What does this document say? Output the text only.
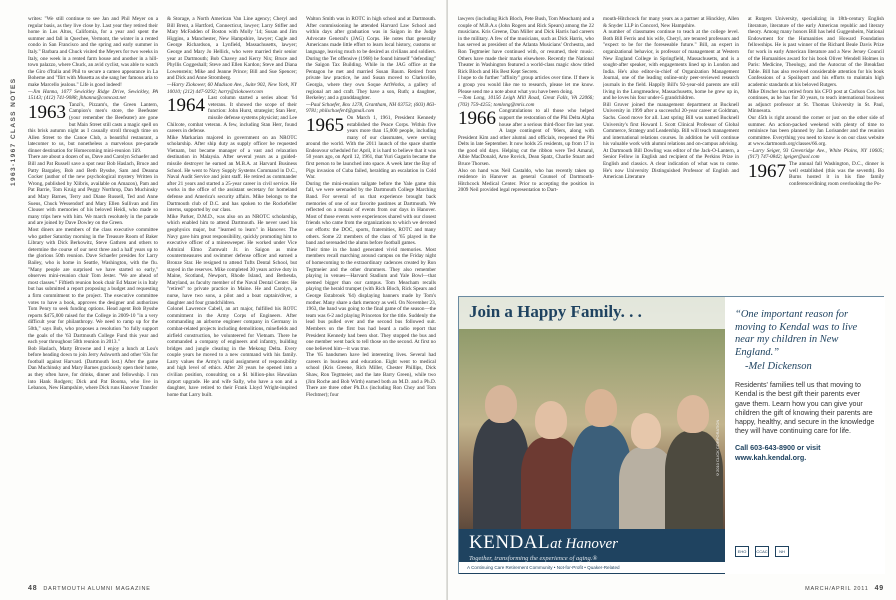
1963-1967 CLASS NOTES

writes: "We still continue to see Jan and Phil Meyer on a regular basis, as they live close by. Last year they retired their home in Los Altos, California, for a year and spent the summer and fall in Quechee, Vermont, the winter in a rented condo in San Francisco and the spring and early summer in Italy." Barbara and Chuck visited the Meyers for two weeks in Italy, one week in a rented farm house and another in a hill-town palazzo, where Chuck, an avid cyclist, was able to watch the Giro d'Italia and Phil to secure a cameo appearance in La Boheme and "flirt with Musetta as she sang her famous aria to make Marcello jealous." Life is good indeed!

—Jim Hanna, 1077 Sewickley Ridge Drive, Sewickley, PA 15143; (412) 741-9088; jhhanna@comcast.net

1963 Tanzi's, Pizzam's, the Green Lantern, Campion's men's store, the Beefeater (your remember the Beefeater) are gone but Main Street still casts a magic spell on this brisk autumn night as I casually stroll through time on Allen Street to the Canoe Club, a beautiful restaurant, a latecomer to us, but nonetheless a marvelous pre-parade dinner destination for Homecoming mini-reunion 1ii9.

There are about a dozen of us, Dave and Carolyn Schaefer and Bill and Pat Russell save a spot near Bob Haslach, Bruce and Patty Bargaley, Bob and Beth Bysshe, Sam and Deanna Cocker (author of the new psychological mystery Written in Wrong, published by Xlibris, available on Amazon), Pam and Pat Barrie, Tom Kruig and Peggy Northrop, Dan Muchinsky and Mary Barnes, Terry and Diane Russell, Ted and Anne Sueus, Chuck Wessendorf and Mary Ellen Sullivan and Jim Clouser with memories of his beloved Heidi, who made so many trips here with him. We march resolutely in the parade and are joined by Dave Dowley on the Green.

Most diners are members of the class executive committee who gather Saturday morning in the Treasure Room of Baker Library with Dick Berkowitz, Steve Gathren and others to determine the course of our next three and a half years up to the glorious 50th reunion. Dave Schaefer presides for Larry Bailey, who is home in Seattle, Washington, with the flu. "Many people are surprised we have started so early," observes mini-reunion chair Tom Jester. "We are ahead of most classes." Fiftieth reunion book chair Ed Mazer is in Italy but has submitted a report proposing a budget and requesting a firm commitment to the project. The executive committee votes to have a book, approves the designer and authorizes Tom Penry to seek funding options. Head agent Bob Bysshe reports $475,000 raised for the College in 2009-10 "in a very difficult year for philanthropy. We need to ramp up for the 50th," says Bob, who proposes a resolution "to fully support the goals of the '63 Dartmouth College Fund this year and each year throughout 50th reunion in 2013."

Bob Haslach, Marty Browne and I enjoy a lunch at Lou's before heading down to join Jerry Ashworth and other '63s for football against Harvard. (Dartmouth lost.) After the game Dan Muchinsky and Mary Barnes graciously open their home, as they often have, for drinks, dinner and fellowship. I run into Hank Rodgers; Dick and Pat Booma, who live in Lebanon, New Hampshire, where Dick runs Hanover Transfer

& Storage, a North American Van Line agency; Cheryl and Bill Brent, a Hartford, Connecticut, lawyer; Larry Stifler and Mary McFadden of Boston with Molly '14; Susan and Jim Higgins, a Manchester, New Hampshire, lawyer; Cagle and George Richardson, a Lynfield, Massachusetts, lawyer; George and Mary Jo Hellick, who were married their senior year at Dartmouth; Bob Chavey and Kerry Nix; Bruce and Phyllis Coggeshall; Steve and Ellen Kardon; Steve and Diana Lowenstein; Mike and Jeanne Prince; Bill and Sue Spencer; and Dick and Anne Stromberg.

—Harry Ziokower, 60 Madison Ave., Suite 902, New York, NY 10010; (212) 447-9292; harry@ziokower.com

1964 Last column started a series about '64 veterans. It showed the scope of their function: John Hurst, strategist; Stan Herr, missile defense systems physicist; and Lee Chilcote, combat veteran. A few, including Stan Herr, found careers in defense.

Mike Markarian majored in government on an NROTC scholarship. After ship duty as supply officer he requested Vietnam, but became manager of a vast and relaxation destination in Malaysia. After several years as a guided-missile destroyer he earned an M.B.A. at Harvard Business School. He went to Navy Supply Systems Command in D.C., Naval Audit Service and joint staff. He retired as commander after 21 years and started a 25-year career in civil service. He works in the office of the assistant secretary for homeland defense and America's security affairs. Mike belongs to the Dartmouth club of D.C. and has spoken to the Rockefeller interns, supported by our class.

Mike Parker, D.M.D., was also on an NROTC scholarship, which enabled him to attend Dartmouth. He never used his geophysics major, but "learned to learn" in Hanover. The Navy gave him great responsibility, quickly promoting him to executive officer of a minesweeper. He worked under Vice Admiral Elmo Zumwalt Jr. in Saigon as mine countermeasures and swimmer defense officer and earned a Bronze Star. He resigned to attend Tufts Dental School, but stayed in the reserves. Mike completed 30 years active duty in Maine, Scotland, Newport, Rhode Island, and Bethesda, Maryland, as faculty member of the Naval Dental Center. He "retired" to private practice in Maine. He and Carolyn, a nurse, have two sons, a pilot and a boat captain/diver, a daughter and four grandchildren.

Colonel Lawrence Cabell, an art major, fulfilled his ROTC commitment in the Army Corps of Engineers. After commanding an airborne engineer company in Germany in combat-related projects including demolitions, minefields and airfield construction, he volunteered for Vietnam. There he commanded a company of engineers and infantry, building bridges and jungle clearing in the Mekong Delta. Every couple years he moved to a new command with his family. Larry values the Army's rapid assignment of responsibility and high level of ethics. After 28 years he opened into a civilian position, consulting on a $1 billion-plus Hawaiian airport upgrade. He and wife Sally, who have a son and a daughter, have retired to their Frank Lloyd Wright-inspired home that Larry built.

Walton Smith was in ROTC in high school and at Dartmouth. After commissioning he attended Harvard Law School and within days after graduation was in Saigon in the Judge Advocate General's (JAG) Corps. He notes that generally Americans made little effort to learn local history, customs or language, leaving much to be desired as civilians and soldiers. During the Tet offensive (1968) he found himself "defending" the Saigon Tax Building. While in the JAG office at the Pentagon he met and married Susan Baum. Retired from private law practice, he and Susan moved to Clarksville, Georgia, where they own Soque ArtWorks, a gallery of regional art and craft. They have a son, Ruth; a daughter, Berkeley; and a granddaughter.

—Paul Schaefer, Box 1278, Grantham, NH 03753; (603) 863-9781; philschaefer4@gmail.com

1965 On March 1, 1961, President Kennedy established the Peace Corps. Within five years more than 15,000 people, including many of our classmates, were serving around the world. With the 2011 launch of the space shuttle Endeavour scheduled for April, it is hard to believe that it was 50 years ago, on April 12, 1961, that Yuri Gagarin became the first person to be launched into space. A week later the Bay of Pigs invasion of Cuba failed, heralding an escalation in Cold War.

During the mini-reunion tailgate before the Yale game this fall, we were serenaded by the Dartmouth College Marching Band. For several of us that experience brought back memories of one of our favorite pastimes at Dartmouth. We reflected on a mosaic of events from our days in Hanover. Most of those events were experiences shared with our closest friends who came from the organizations to which we devoted our efforts: the DOC, sports, fraternities, ROTC and many others. Some 22 members of the class of '65 played in the band and serenaded the alums before football games.

Their time in the band generated vivid memories. Most members recall marching around campus on the Friday night of homecoming to the extraordinary cadences created by Ron Tegtmeier and the other drummers. They also remember playing in venues—Harvard Stadium and Yale Bowl—that seemed bigger than our campus. Tom Meacham recalls playing the herald trumpet (with Rich Bloch, Rick Spears and George Estabrook '64) displaying banners made by Tom's mother. Many share a dark memory as well. On November 23, 1963, the band was going to the final game of the season—the team was 6-2 and playing Princeton for the title. Suddenly the lead bus pulled over and the second bus followed suit. Members on the first bus had heard a radio report that President Kennedy had been shot. They stopped the bus and one member went back to tell those on the second. At first no one believed him—it was true.

The '65 bandsmen have led interesting lives. Several had careers in business and education. Eight went to medical school (Kris Greene, Rich Miller, Chester Phillips, Dick Shaw, Ron Tegtmeier, and the late Barry Green), while two (Jim Roche and Bob Wirth) earned both an M.D. and a Ph.D. There are three other Ph.D.s (including Ron Choy and Tom Flechtner); four

48 DARTMOUTH ALUMNI MAGAZINE

lawyers (including Rich Bloch, Pete Bush, Tom Meacham) and a couple of M.B.A.s (John Rogers and Rick Spears) among the 22 musicians. Kris Greene, Dan Miller and Dick Harris had careers in the military. A few of the musicians, such as Dick Harris, who has served as president of the Atlanta Musicians' Orchestra, and Ron Tegtmeier have continued with, or resumed, their music. Others have made their marks elsewhere. Recently the National Theater in Washington featured a world-class magic show titled Rick Bloch and His Best Kept Secrets.

I hope to do further "affinity" group articles over time. If there is a group you would like me to research, please let me know. Please send me a note about what you have been doing.

—Tom Long, 10156 Leigh Mill Road, Great Falls, VA 22066; (703) 759-4255; tomlong@mris.com

1966 Congratulations to all those who helped support the restoration of the Phi Delta Alpha house after a serious third-floor fire last year. A large contingent of '66ers, along with President Kim and other alumni and officials, reopened the Phi Delts in late September. It now holds 25 residents, up from 17 in the good old days. Helping cut the ribbon were Ted Amaral, Albie MacDonald, Arne Rovick, Dean Spatz, Charlie Stuart and Bruce Thorsen.

Also on hand was Neil Castaldo, who has recently taken up residence in Hanover as general Counsel of Dartmouth-Hitchcock Medical Center. Prior to accepting the position in 2009 Neil provided legal representation to Dart-

mouth-Hitchcock for many years as a partner at Hinckley, Allen & Snyder LLP in Concord, New Hampshire.

A number of classmates continue to teach at the college level. Both Bill Ferris and his wife, Cheryl, are tenured professors and "expect to be for the foreseeable future." Bill, an expert in organizational behavior, is professor of management at Western New England College in Springfield, Massachusetts, and is a sought-after speaker, with engagements lined up in London and India. He's also editor-in-chief of Organization Management Journal, one of the leading online-only peer-reviewed research journals in the field. Happily Bill's 92-year-old parents are still living in the Longmeadow, Massachusetts, home he grew up in, and he loves his four under-5 grandchildren.

Bill Gruver joined the management department at Bucknell University in 1999 after a successful 20-year career at Goldman, Sachs. Good move for all. Last spring Bill was named Bucknell University's first Howard I. Scott Clinical Professor of Global Commerce, Strategy and Leadership. Bill will teach management and international relations courses. In addition he will continue his valuable work with alumni relations and on-campus advising.

At Dartmouth Bill Dowling was editor of the Jack-O-Lantern, a Senior Fellow in English and recipient of the Perkins Prize in English and classics. A clear indication of what was to come. He's now University Distinguished Professor of English and American Literature

at Rutgers University, specializing in 18th-century English literature, literature of the early American republic and literary theory. Among many honors Bill has held Guggenheim, National Endowment for the Humanities and Howard Foundation fellowships. He is past winner of the Richard Beale Davis Prize for work in early American literature and a New Jersey Council of the Humanities award for his book Oliver Wendell Holmes in Paris: Medicine, Theology, and the Autocrat of the Breakfast Table. Bill has also received considerable attention for his book Confessions of a Spoilsport and his efforts to maintain high academic standards at his beloved Rutgers.

Mike Dirscher has retired from his CFO post at Carlson Cos. but continues, as he has for 30 years, to teach international business as adjunct professor at St. Thomas University in St. Paul, Minnesota.

Our 45th is right around the corner or just on the other side of summer. An action-packed weekend with plenty of time to reminisce has been planned by Jan Lorisander and the reunion committee. Everything you need to know is on our class website at www.dartmouth.org/classes/66.org.

—Larry Seiger, 93 Greenridge Ave., White Plains, NY 10605; (917) 747-0842; lgeiger@aol.com

1967 The annual fall Washington, D.C., dinner is well established (this was the seventh). Bo Burns hosted it in his fine family conference/dining room overlooking the Po-

Join a Happy Family. . .
©2010 CLICK CORPORATION
“One important reason for moving to Kendal was to live near my children in New England.”
-Mel Dickenson
Residents' families tell us that moving to Kendal is the best gift their parents ever gave them. Learn how you can give your children the gift of knowing their parents are happy, healthy, and secure in the knowledge they will have continuing care for life.
Call 603-643-8900 or visit www.kah.kendal.org.
KENDALat Hanover
Together, transforming the experience of aging.®
A Continuing Care Retirement Community • Not-for-Profit • Quaker-Related
EHO	CCAC	NH
MARCH/APRIL 2011 49
